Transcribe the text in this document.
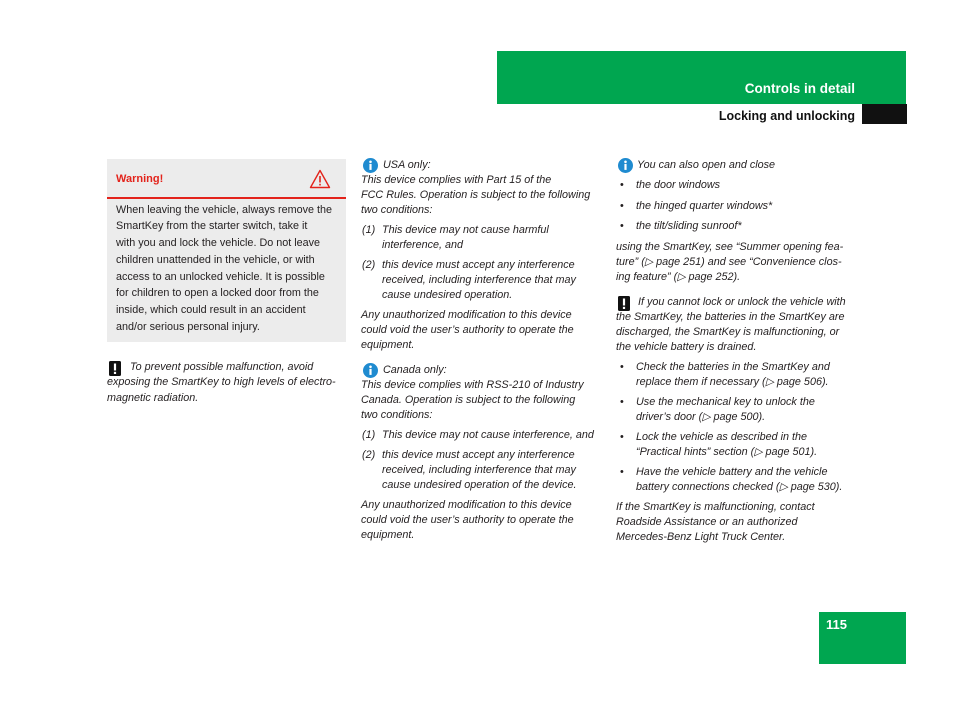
Controls in detail
Locking and unlocking
Warning!
When leaving the vehicle, always remove the
SmartKey from the starter switch, take it
with you and lock the vehicle. Do not leave
children unattended in the vehicle, or with
access to an unlocked vehicle. It is possible
for children to open a locked door from the
inside, which could result in an accident
and/or serious personal injury.
To prevent possible malfunction, avoid
exposing the SmartKey to high levels of electro-
magnetic radiation.
USA only:
This device complies with Part 15 of the
FCC Rules. Operation is subject to the following
two conditions:
(1) This device may not cause harmful
interference, and
(2) this device must accept any interference
received, including interference that may
cause undesired operation.
Any unauthorized modification to this device
could void the user’s authority to operate the
equipment.
Canada only:
This device complies with RSS-210 of Industry
Canada. Operation is subject to the following
two conditions:
(1) This device may not cause interference, and
(2) this device must accept any interference
received, including interference that may
cause undesired operation of the device.
Any unauthorized modification to this device
could void the user’s authority to operate the
equipment.
You can also open and close
•	the door windows
•	the hinged quarter windows*
•	the tilt/sliding sunroof*
using the SmartKey, see “Summer opening fea-
ture” (▷ page 251) and see “Convenience clos-
ing feature” (▷ page 252).
If you cannot lock or unlock the vehicle with
the SmartKey, the batteries in the SmartKey are
discharged, the SmartKey is malfunctioning, or
the vehicle battery is drained.
•	Check the batteries in the SmartKey and
replace them if necessary (▷ page 506).
•	Use the mechanical key to unlock the
driver’s door (▷ page 500).
•	Lock the vehicle as described in the
“Practical hints” section (▷ page 501).
•	Have the vehicle battery and the vehicle
battery connections checked (▷ page 530).
If the SmartKey is malfunctioning, contact
Roadside Assistance or an authorized
Mercedes-Benz Light Truck Center.
115
